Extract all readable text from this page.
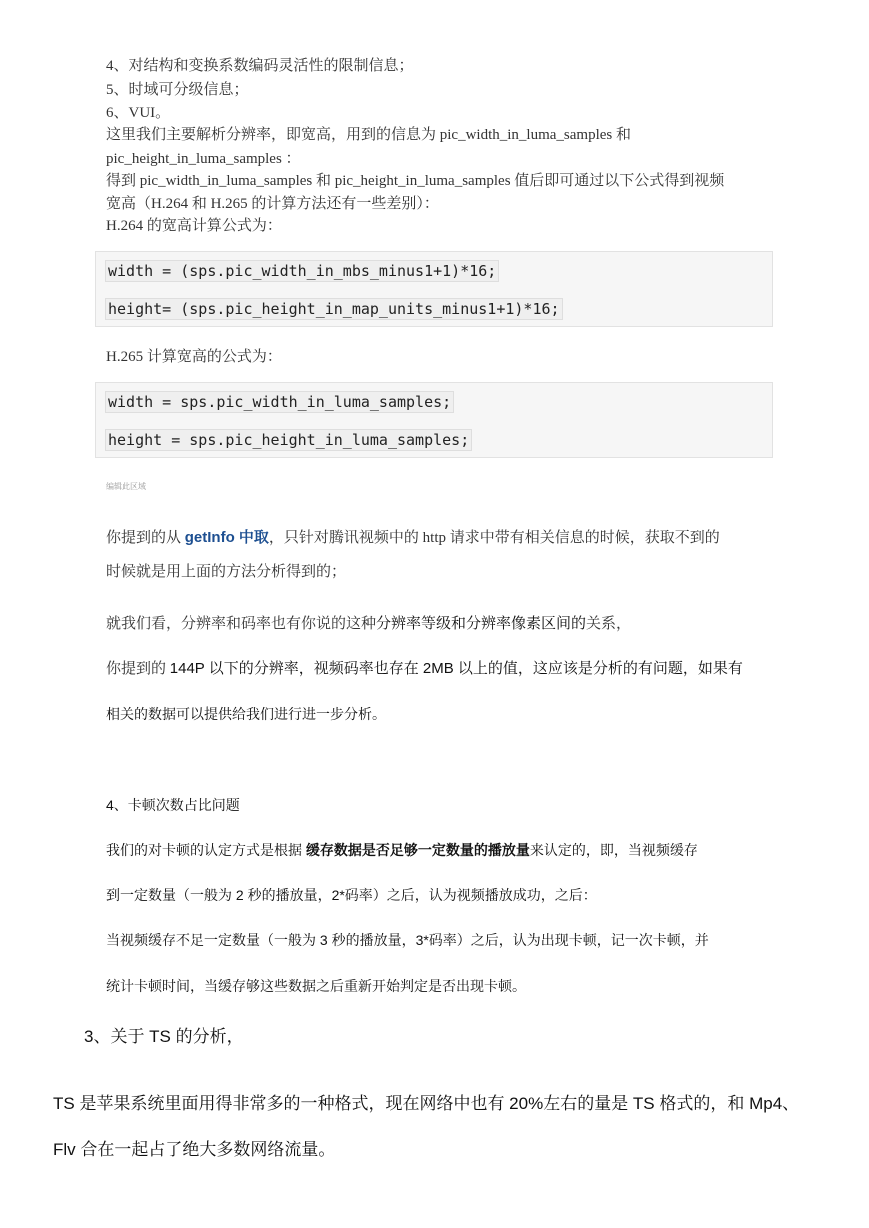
4、对结构和变换系数编码灵活性的限制信息；
5、时域可分级信息；
6、VUI。
这里我们主要解析分辨率，即宽高，用到的信息为 pic_width_in_luma_samples 和
pic_height_in_luma_samples ：
得到 pic_width_in_luma_samples 和 pic_height_in_luma_samples 值后即可通过以下公式得到视频
宽高（H.264 和 H.265 的计算方法还有一些差别）：
H.264 的宽高计算公式为：
width = (sps.pic_width_in_mbs_minus1+1)*16;
height= (sps.pic_height_in_map_units_minus1+1)*16;
H.265 计算宽高的公式为：
width = sps.pic_width_in_luma_samples;
height = sps.pic_height_in_luma_samples;
编辑此区域
你提到的从 getInfo 中取，只针对腾讯视频中的 http 请求中带有相关信息的时候，获取不到的
时候就是用上面的方法分析得到的；
就我们看，分辨率和码率也有你说的这种分辨率等级和分辨率像素区间的关系，
你提到的 144P 以下的分辨率，视频码率也存在 2MB 以上的值，这应该是分析的有问题，如果有
相关的数据可以提供给我们进行进一步分析。
4、卡顿次数占比问题
我们的对卡顿的认定方式是根据 缓存数据是否足够一定数量的播放量来认定的，即，当视频缓存
到一定数量（一般为 2 秒的播放量，2*码率）之后，认为视频播放成功，之后：
当视频缓存不足一定数量（一般为 3 秒的播放量，3*码率）之后，认为出现卡顿，记一次卡顿，并
统计卡顿时间，当缓存够这些数据之后重新开始判定是否出现卡顿。
3、关于 TS 的分析，
TS 是苹果系统里面用得非常多的一种格式，现在网络中也有 20%左右的量是 TS 格式的，和 Mp4、
Flv 合在一起占了绝大多数网络流量。
